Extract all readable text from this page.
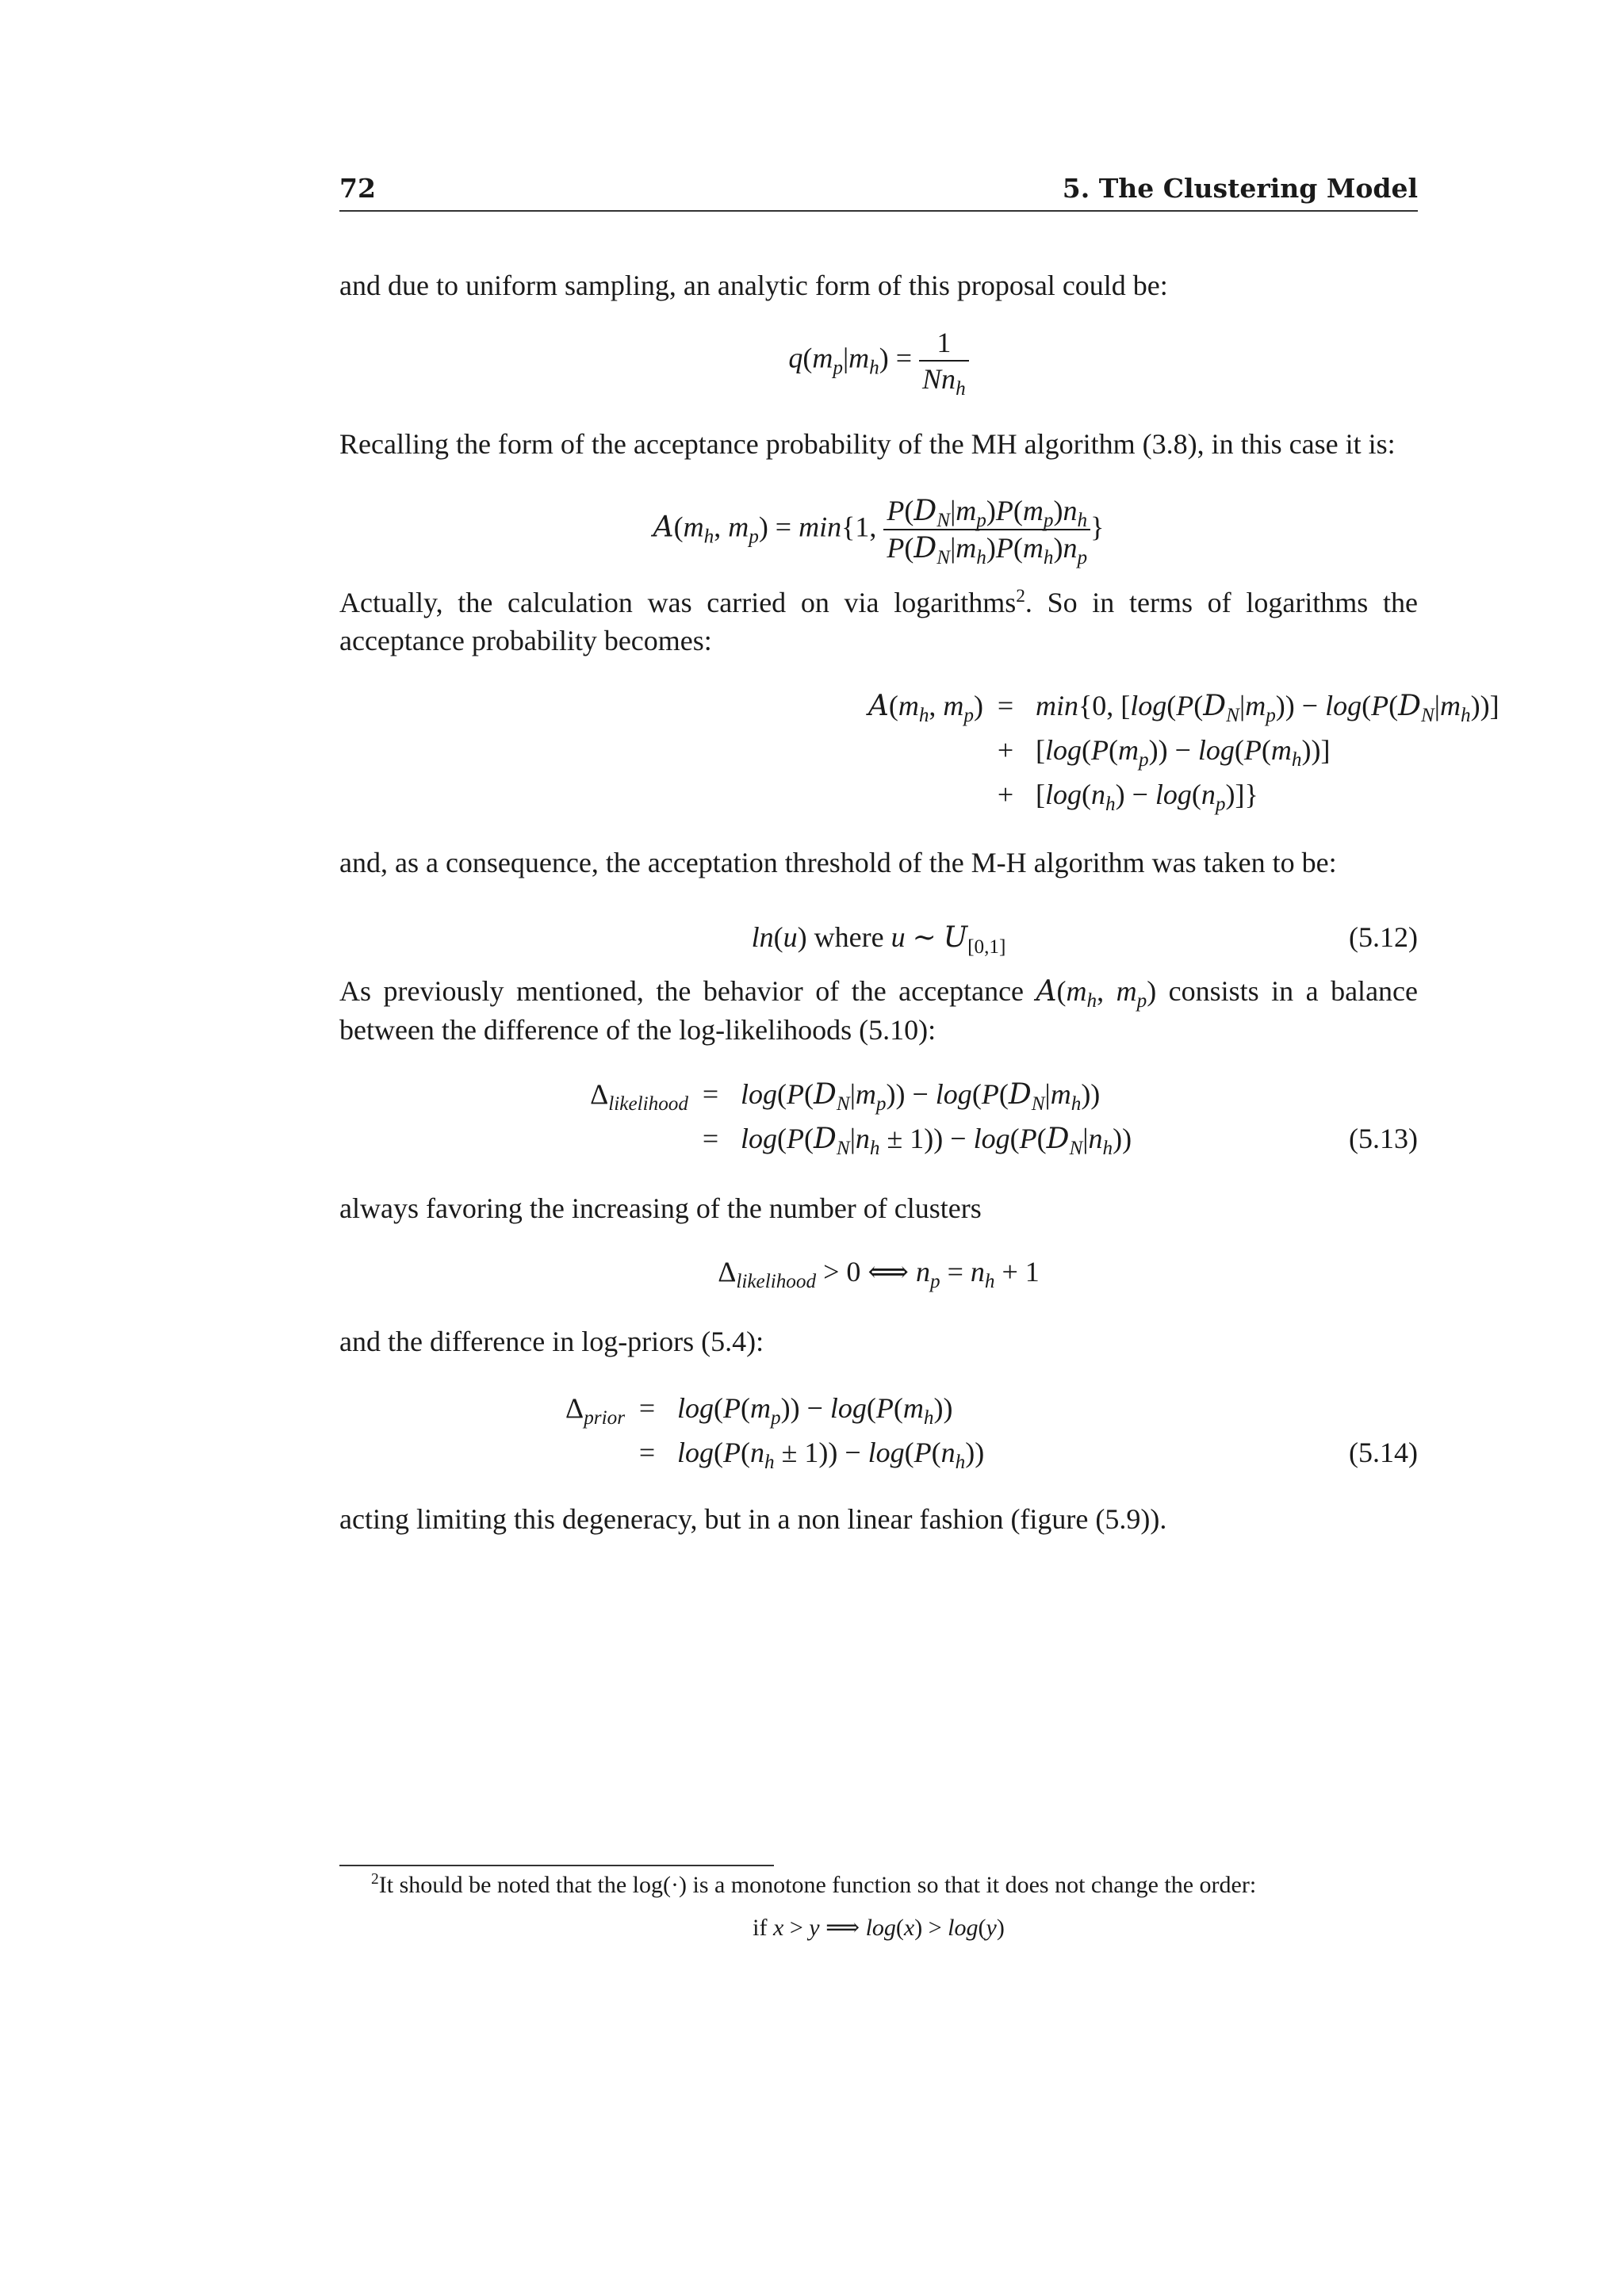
72	5. The Clustering Model
and due to uniform sampling, an analytic form of this proposal could be:
$q(m_p|m_h) = \frac{1}{Nn_h}$
Recalling the form of the acceptance probability of the MH algorithm (3.8), in this case it is:
$A(m_h$, $m_p) = \min\{1$, $\frac{P(D_N|m_p)P(m_p)n_h}{P(D_N|m_h)P(m_h)n_p}$ }
Actually, the calculation was carried on via logarithms$^2$. So in terms of logarithms the acceptance probability becomes:
$A(m_h$, $m_p) = \min\{0$, $[\log(P(D_N|m_p)) - \log(P(D_N|m_h))]$
+ $[\log(P(m_p)) - \log(P(m_h))]$
+ $[\log(n_h) - \log(n_p)]$}
and, as a consequence, the acceptation threshold of the M-H algorithm was taken to be:
ln(u) where u ∼ $U_{[0,1]}$	(5.12)
As previously mentioned, the behavior of the acceptance $A(m_h$, $m_p$) consists in a balance between the difference of the log-likelihoods (5.10):
$\Delta_{likelihood} = \log(P(D_N|m_p)) - \log(P(D_N|m_h))$
= $\log(P(D_N|n_h \pm 1)) - \log(P(D_N|n_h))$	(5.13)
always favoring the increasing of the number of clusters
$\Delta_{likelihood} > 0$ ⟺ $n_p = n_h + 1$
and the difference in log-priors (5.4):
$\Delta_{prior} = \log(P(m_p)) - \log(P(m_h))$
= $\log(P(n_h \pm 1)) - \log(P(n_h))$	(5.14)
acting limiting this degeneracy, but in a non linear fashion (figure (5.9)).
$^2$It should be noted that the log(·) is a monotone function so that it does not change the order:
if x > y ⟹ log(x) > log(y)
